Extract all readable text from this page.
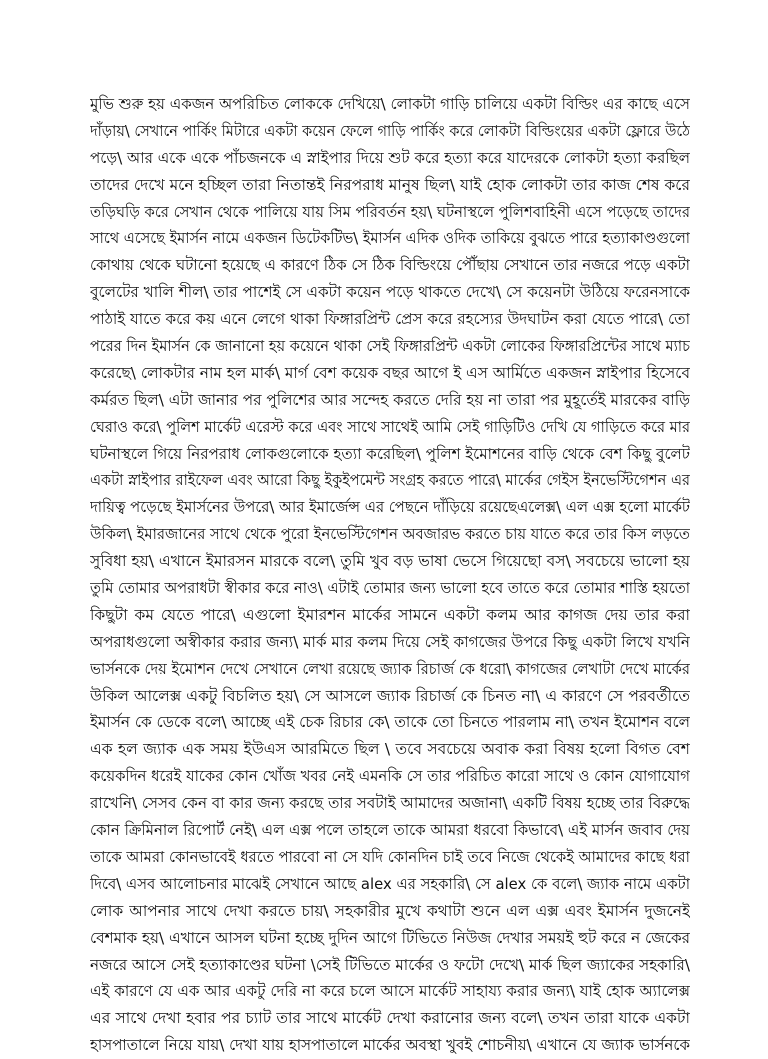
মুভি শুরু হয় একজন অপরিচিত লোককে দেখিয়ে\ লোকটা গাড়ি চালিয়ে একটা বিল্ডিং এর কাছে এসে
দাঁড়ায়\ সেখানে পার্কিং মিটারে একটা কয়েন ফেলে গাড়ি পার্কিং করে লোকটা বিল্ডিংয়ের একটা ফ্লোরে উঠে
পড়ে\ আর একে একে পাঁচজনকে এ স্নাইপার দিয়ে শুট করে হত্যা করে যাদেরকে লোকটা হত্যা করছিল
তাদের দেখে মনে হচ্ছিল তারা নিতান্তই নিরপরাধ মানুষ ছিল\ যাই হোক লোকটা তার কাজ শেষ করে
তড়িঘড়ি করে সেখান থেকে পালিয়ে যায় সিম পরিবর্তন হয়\ ঘটনাস্থলে পুলিশবাহিনী এসে পড়েছে তাদের
সাথে এসেছে ইমার্সন নামে একজন ডিটেকটিভ\ ইমার্সন এদিক ওদিক তাকিয়ে বুঝতে পারে হত্যাকাণ্ডগুলো
কোথায় থেকে ঘটানো হয়েছে এ কারণে ঠিক সে ঠিক বিল্ডিংয়ে পৌঁছায় সেখানে তার নজরে পড়ে একটা
বুলেটের খালি শীল\ তার পাশেই সে একটা কয়েন পড়ে থাকতে দেখে\ সে কয়েনটা উঠিয়ে ফরেনসাকে
পাঠাই যাতে করে কয় এনে লেগে থাকা ফিঙ্গারপ্রিন্ট প্রেস করে রহস্যের উদঘাটন করা যেতে পারে\ তো
পরের দিন ইমার্সন কে জানানো হয় কয়েনে থাকা সেই ফিঙ্গারপ্রিন্ট একটা লোকের ফিঙ্গারপ্রিন্টের সাথে ম্যাচ
করেছে\ লোকটার নাম হল মার্ক\ মার্গ বেশ কয়েক বছর আগে ই এস আর্মিতে একজন স্নাইপার হিসেবে
কর্মরত ছিল\ এটা জানার পর পুলিশের আর সন্দেহ করতে দেরি হয় না তারা পর মুহূর্তেই মারকের বাড়ি
ঘেরাও করে\ পুলিশ মার্কেট এরেস্ট করে এবং সাথে সাথেই আমি সেই গাড়িটিও দেখি যে গাড়িতে করে মার
ঘটনাস্থলে গিয়ে নিরপরাধ লোকগুলোকে হত্যা করেছিল\ পুলিশ ইমোশনের বাড়ি থেকে বেশ কিছু বুলেট
একটা স্নাইপার রাইফেল এবং আরো কিছু ইকুইপমেন্ট সংগ্রহ করতে পারে\ মার্কের গেইস ইনভেস্টিগেশন এর
দায়িত্ব পড়েছে ইমার্সনের উপরে\ আর ইমার্জেন্স এর পেছনে দাঁড়িয়ে রয়েছেএলেক্স\ এল এক্স হলো মার্কেট
উকিল\ ইমারজানের সাথে থেকে পুরো ইনভেস্টিগেশন অবজারভ করতে চায় যাতে করে তার কিস লড়তে
সুবিধা হয়\ এখানে ইমারসন মারকে বলে\ তুমি খুব বড় ভাষা ভেসে গিয়েছো বস\ সবচেয়ে ভালো হয়
তুমি তোমার অপরাধটা স্বীকার করে নাও\ এটাই তোমার জন্য ভালো হবে তাতে করে তোমার শাস্তি হয়তো
কিছুটা কম যেতে পারে\ এগুলো ইমারশন মার্কের সামনে একটা কলম আর কাগজ দেয় তার করা
অপরাধগুলো অস্বীকার করার জন্য\ মার্ক মার কলম দিয়ে সেই কাগজের উপরে কিছু একটা লিখে যখনি
ভার্সনকে দেয় ইমোশন দেখে সেখানে লেখা রয়েছে জ্যাক রিচার্জ কে ধরো\ কাগজের লেখাটা দেখে মার্কের
উকিল আলেক্স একটু বিচলিত হয়\ সে আসলে জ্যাক রিচার্জ কে চিনত না\ এ কারণে সে পরবর্তীতে
ইমার্সন কে ডেকে বলে\ আচ্ছে এই চেক রিচার কে\ তাকে তো চিনতে পারলাম না\ তখন ইমোশন বলে
এক হল জ্যাক এক সময় ইউএস আরমিতে ছিল \ তবে সবচেয়ে অবাক করা বিষয় হলো বিগত বেশ
কয়েকদিন ধরেই যাকের কোন খোঁজ খবর নেই এমনকি সে তার পরিচিত কারো সাথে ও কোন যোগাযোগ
রাখেনি\ সেসব কেন বা কার জন্য করছে তার সবটাই আমাদের অজানা\ একটি বিষয় হচ্ছে তার বিরুদ্ধে
কোন ক্রিমিনাল রিপোর্ট নেই\ এল এক্স পলে তাহলে তাকে আমরা ধরবো কিভাবে\ এই মার্সন জবাব দেয়
তাকে আমরা কোনভাবেই ধরতে পারবো না সে যদি কোনদিন চাই তবে নিজে থেকেই আমাদের কাছে ধরা
দিবে\ এসব আলোচনার মাঝেই সেখানে আছে alex এর সহকারি\ সে alex কে বলে\ জ্যাক নামে একটা
লোক আপনার সাথে দেখা করতে চায়\ সহকারীর মুখে কথাটা শুনে এল এক্স এবং ইমার্সন দুজনেই
বেশমাক হয়\ এখানে আসল ঘটনা হচ্ছে দুদিন আগে টিভিতে নিউজ দেখার সময়ই হুট করে ন জেকের
নজরে আসে সেই হত্যাকাণ্ডের ঘটনা \সেই টিভিতে মার্কের ও ফটো দেখে\ মার্ক ছিল জ্যাকের সহকারি\
এই কারণে যে এক আর একটু দেরি না করে চলে আসে মার্কেট সাহায্য করার জন্য\ যাই হোক অ্যালেক্স
এর সাথে দেখা হবার পর চ্যাট তার সাথে মার্কেট দেখা করানোর জন্য বলে\ তখন তারা যাকে একটা
হাসপাতালে নিয়ে যায়\ দেখা যায় হাসপাতালে মার্কের অবস্থা খুবই শোচনীয়\ এখানে যে জ্যাক ভার্সনকে
